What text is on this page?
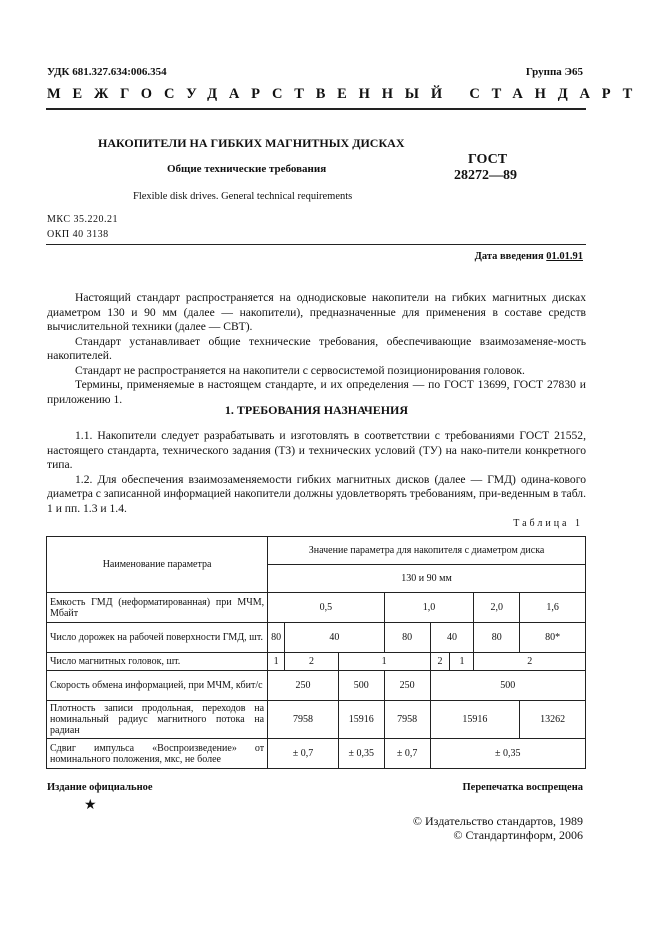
УДК 681.327.634:006.354	Группа Э65
МЕЖГОСУДАРСТВЕННЫЙ СТАНДАРТ
НАКОПИТЕЛИ НА ГИБКИХ МАГНИТНЫХ ДИСКАХ
Общие технические требования
Flexible disk drives. General technical requirements
ГОСТ
28272—89
МКС 35.220.21
ОКП 40 3138
Дата введения 01.01.91

Настоящий стандарт распространяется на однодисковые накопители на гибких магнитных дисках диаметром 130 и 90 мм (далее — накопители), предназначенные для применения в составе средств вычислительной техники (далее — СВТ).

Стандарт устанавливает общие технические требования, обеспечивающие взаимозаменяе-мость накопителей.

Стандарт не распространяется на накопители с сервосистемой позиционирования головок.

Термины, применяемые в настоящем стандарте, и их определения — по ГОСТ 13699, ГОСТ 27830 и приложению 1.

1. ТРЕБОВАНИЯ НАЗНАЧЕНИЯ

1.1. Накопители следует разрабатывать и изготовлять в соответствии с требованиями ГОСТ 21552, настоящего стандарта, технического задания (ТЗ) и технических условий (ТУ) на нако-пители конкретного типа.

1.2. Для обеспечения взаимозаменяемости гибких магнитных дисков (далее — ГМД) одина-кового диаметра с записанной информацией накопители должны удовлетворять требованиям, при-веденным в табл. 1 и пп. 1.3 и 1.4.

Таблица 1
Наименование параметра	Значение параметра для накопителя с диаметром диска							
	130 и 90 мм							
Емкость ГМД (неформатированная) при МЧМ, Мбайт	0,5			1,0			2,0	1,6
Число дорожек на рабочей поверхности ГМД, шт.	80	40		80	40		80	80*
Число магнитных головок, шт.	1	2	1		2	1	2	
Скорость обмена информацией, при МЧМ, кбит/с	250		500	250	500			
Плотность записи продольная, переходов на номинальный радиус магнитного потока на радиан	7958		15916	7958	15916			13262
Сдвиг импульса «Воспроизведение» от номинального положения, мкс, не более	± 0,7		± 0,35	± 0,7	± 0,35			
Издание официальное	Перепечатка воспрещена
★
© Издательство стандартов, 1989
© Стандартинформ, 2006
